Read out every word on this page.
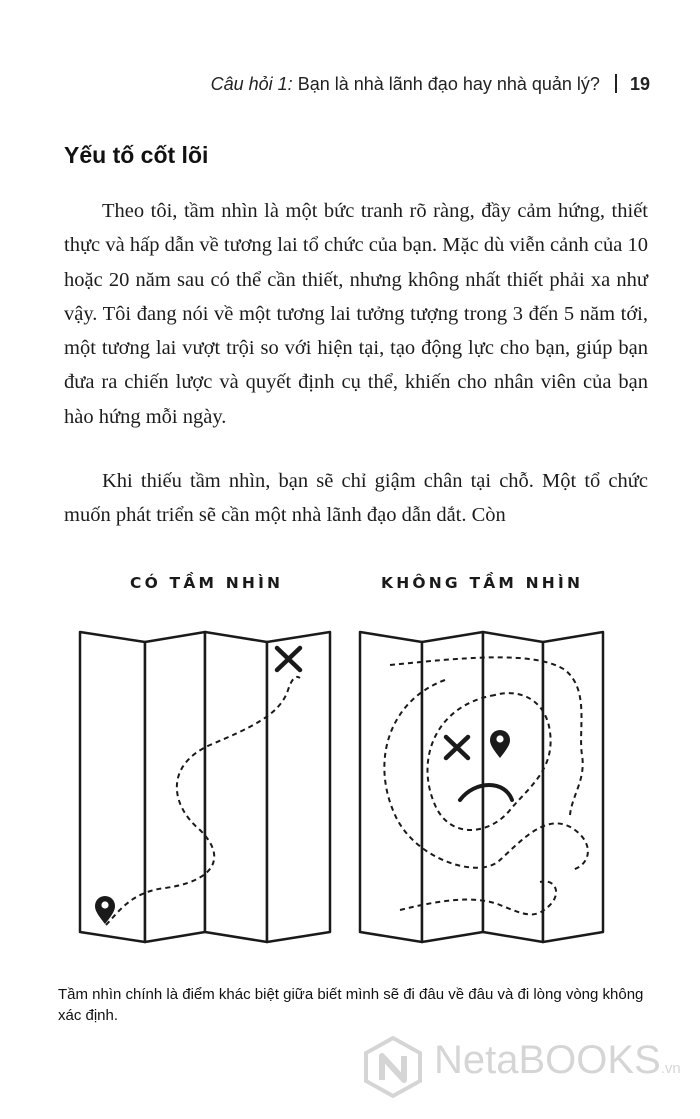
Câu hỏi 1: Bạn là nhà lãnh đạo hay nhà quản lý? 19
Yếu tố cốt lõi

Theo tôi, tầm nhìn là một bức tranh rõ ràng, đầy cảm hứng, thiết thực và hấp dẫn về tương lai tổ chức của bạn. Mặc dù viễn cảnh của 10 hoặc 20 năm sau có thể cần thiết, nhưng không nhất thiết phải xa như vậy. Tôi đang nói về một tương lai tưởng tượng trong 3 đến 5 năm tới, một tương lai vượt trội so với hiện tại, tạo động lực cho bạn, giúp bạn đưa ra chiến lược và quyết định cụ thể, khiến cho nhân viên của bạn hào hứng mỗi ngày.

Khi thiếu tầm nhìn, bạn sẽ chỉ giậm chân tại chỗ. Một tổ chức muốn phát triển sẽ cần một nhà lãnh đạo dẫn dắt. Còn

CÓ TẦM NHÌN	KHÔNG TẦM NHÌN
Tầm nhìn chính là điểm khác biệt giữa biết mình sẽ đi đâu về đâu và đi lòng vòng không xác định.
NetaBOOKS.vn
